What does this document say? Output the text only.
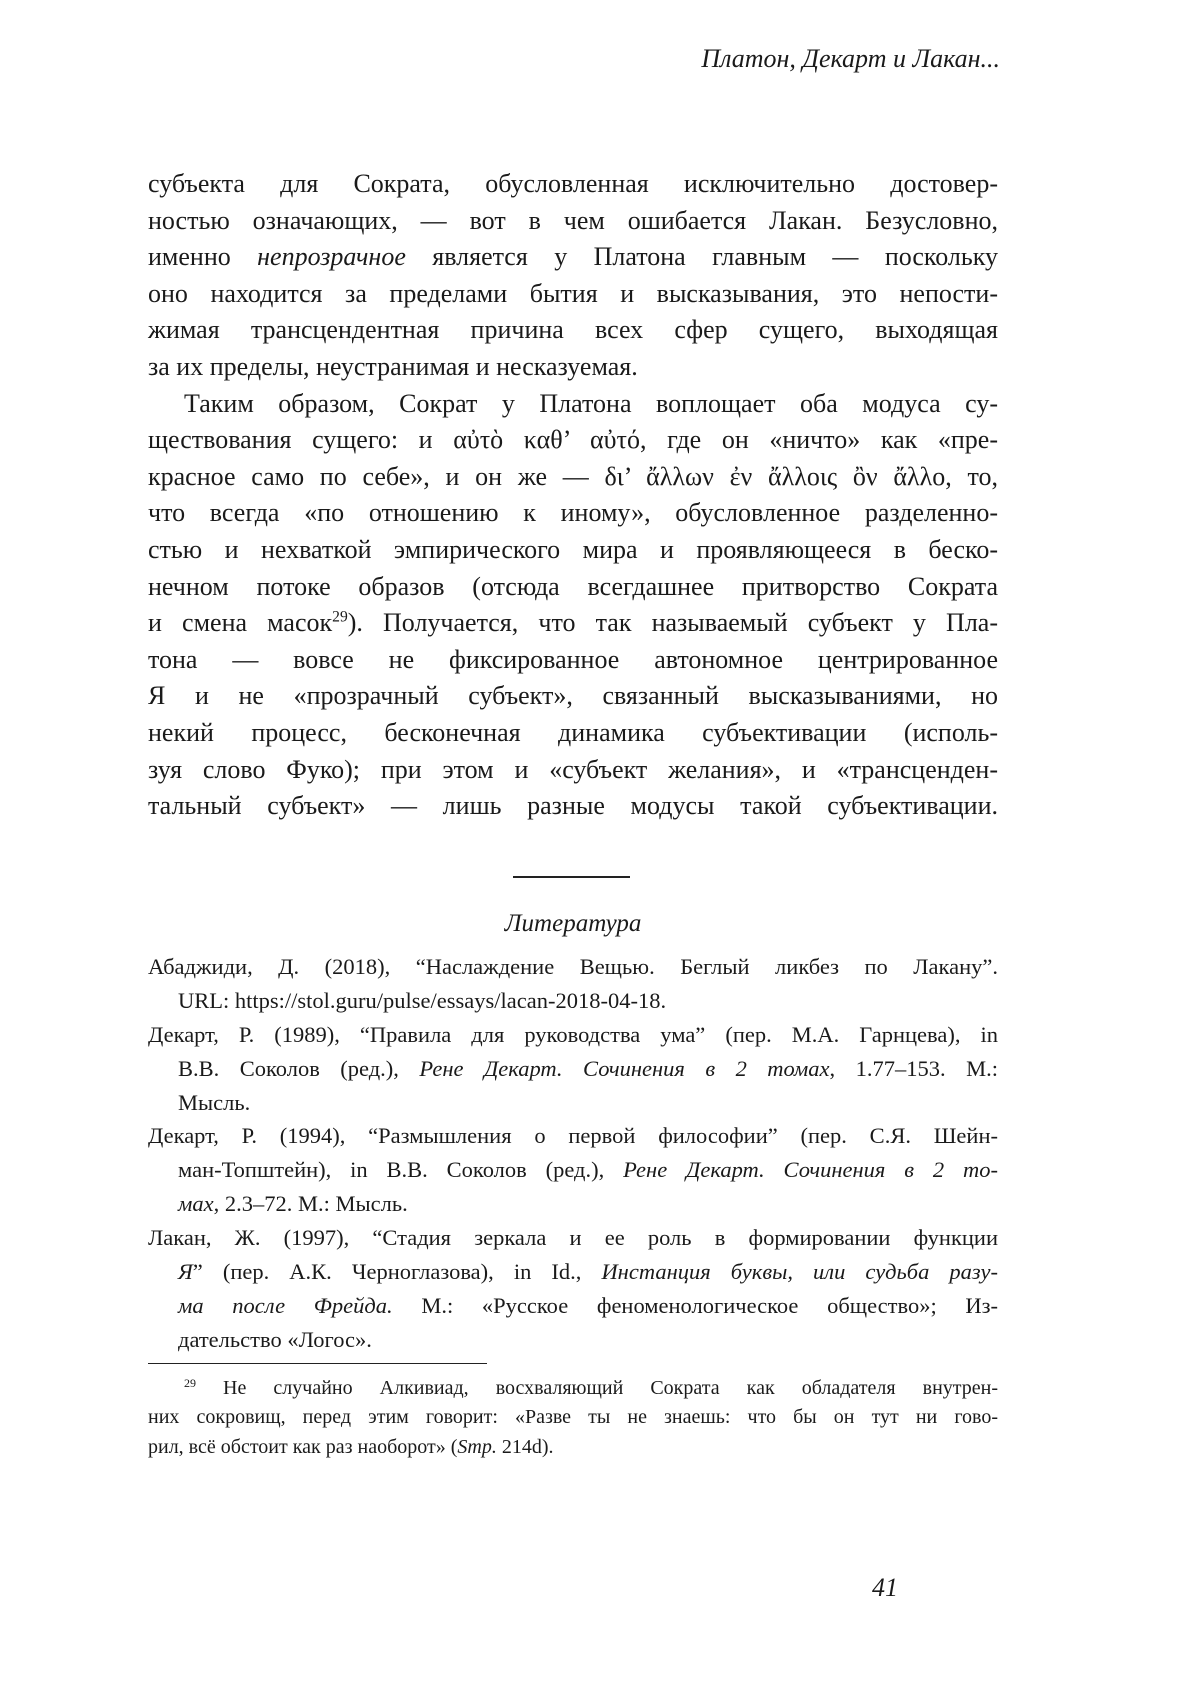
Платон, Декарт и Лакан...
субъекта для Сократа, обусловленная исключительно достовер-
ностью означающих, — вот в чем ошибается Лакан. Безусловно,
именно непрозрачное является у Платона главным — поскольку
оно находится за пределами бытия и высказывания, это непости-
жимая трансцендентная причина всех сфер сущего, выходящая
за их пределы, неустранимая и несказуемая.
Таким образом, Сократ у Платона воплощает оба модуса су-
ществования сущего: и αὐτὸ καθ’ αὐτό, где он «ничто» как «пре-
красное само по себе», и он же — δι’ ἄλλων ἐν ἄλλοις ὂν ἄλλο, то,
что всегда «по отношению к иному», обусловленное разделенно-
стью и нехваткой эмпирического мира и проявляющееся в беско-
нечном потоке образов (отсюда всегдашнее притворство Сократа
и смена масок$^{29}$). Получается, что так называемый субъект у Пла-
тона — вовсе не фиксированное автономное центрированное
Я и не «прозрачный субъект», связанный высказываниями, но
некий процесс, бесконечная динамика субъективации (исполь-
зуя слово Фуко); при этом и «субъект желания», и «трансценден-
тальный субъект» — лишь разные модусы такой субъективации.
Литература
Абаджиди, Д. (2018), “Наслаждение Вещью. Беглый ликбез по Лакану”.
URL: https://stol.guru/pulse/essays/lacan-2018-04-18.
Декарт, Р. (1989), “Правила для руководства ума” (пер. М.А. Гарнцева), in
В.В. Соколов (ред.), Рене Декарт. Сочинения в 2 томах, 1.77–153. М.:
Мысль.
Декарт, Р. (1994), “Размышления о первой философии” (пер. С.Я. Шейн-
ман-Топштейн), in В.В. Соколов (ред.), Рене Декарт. Сочинения в 2 то-
мах, 2.3–72. М.: Мысль.
Лакан, Ж. (1997), “Стадия зеркала и ее роль в формировании функции
Я” (пер. А.К. Черноглазова), in Id., Инстанция буквы, или судьба разу-
ма после Фрейда. М.: «Русское феноменологическое общество»; Из-
дательство «Логос».
$^{29}$ Не случайно Алкивиад, восхваляющий Сократа как обладателя внутрен-
них сокровищ, перед этим говорит: «Разве ты не знаешь: что бы он тут ни гово-
рил, всё обстоит как раз наоборот» (Smp. 214d).
41
